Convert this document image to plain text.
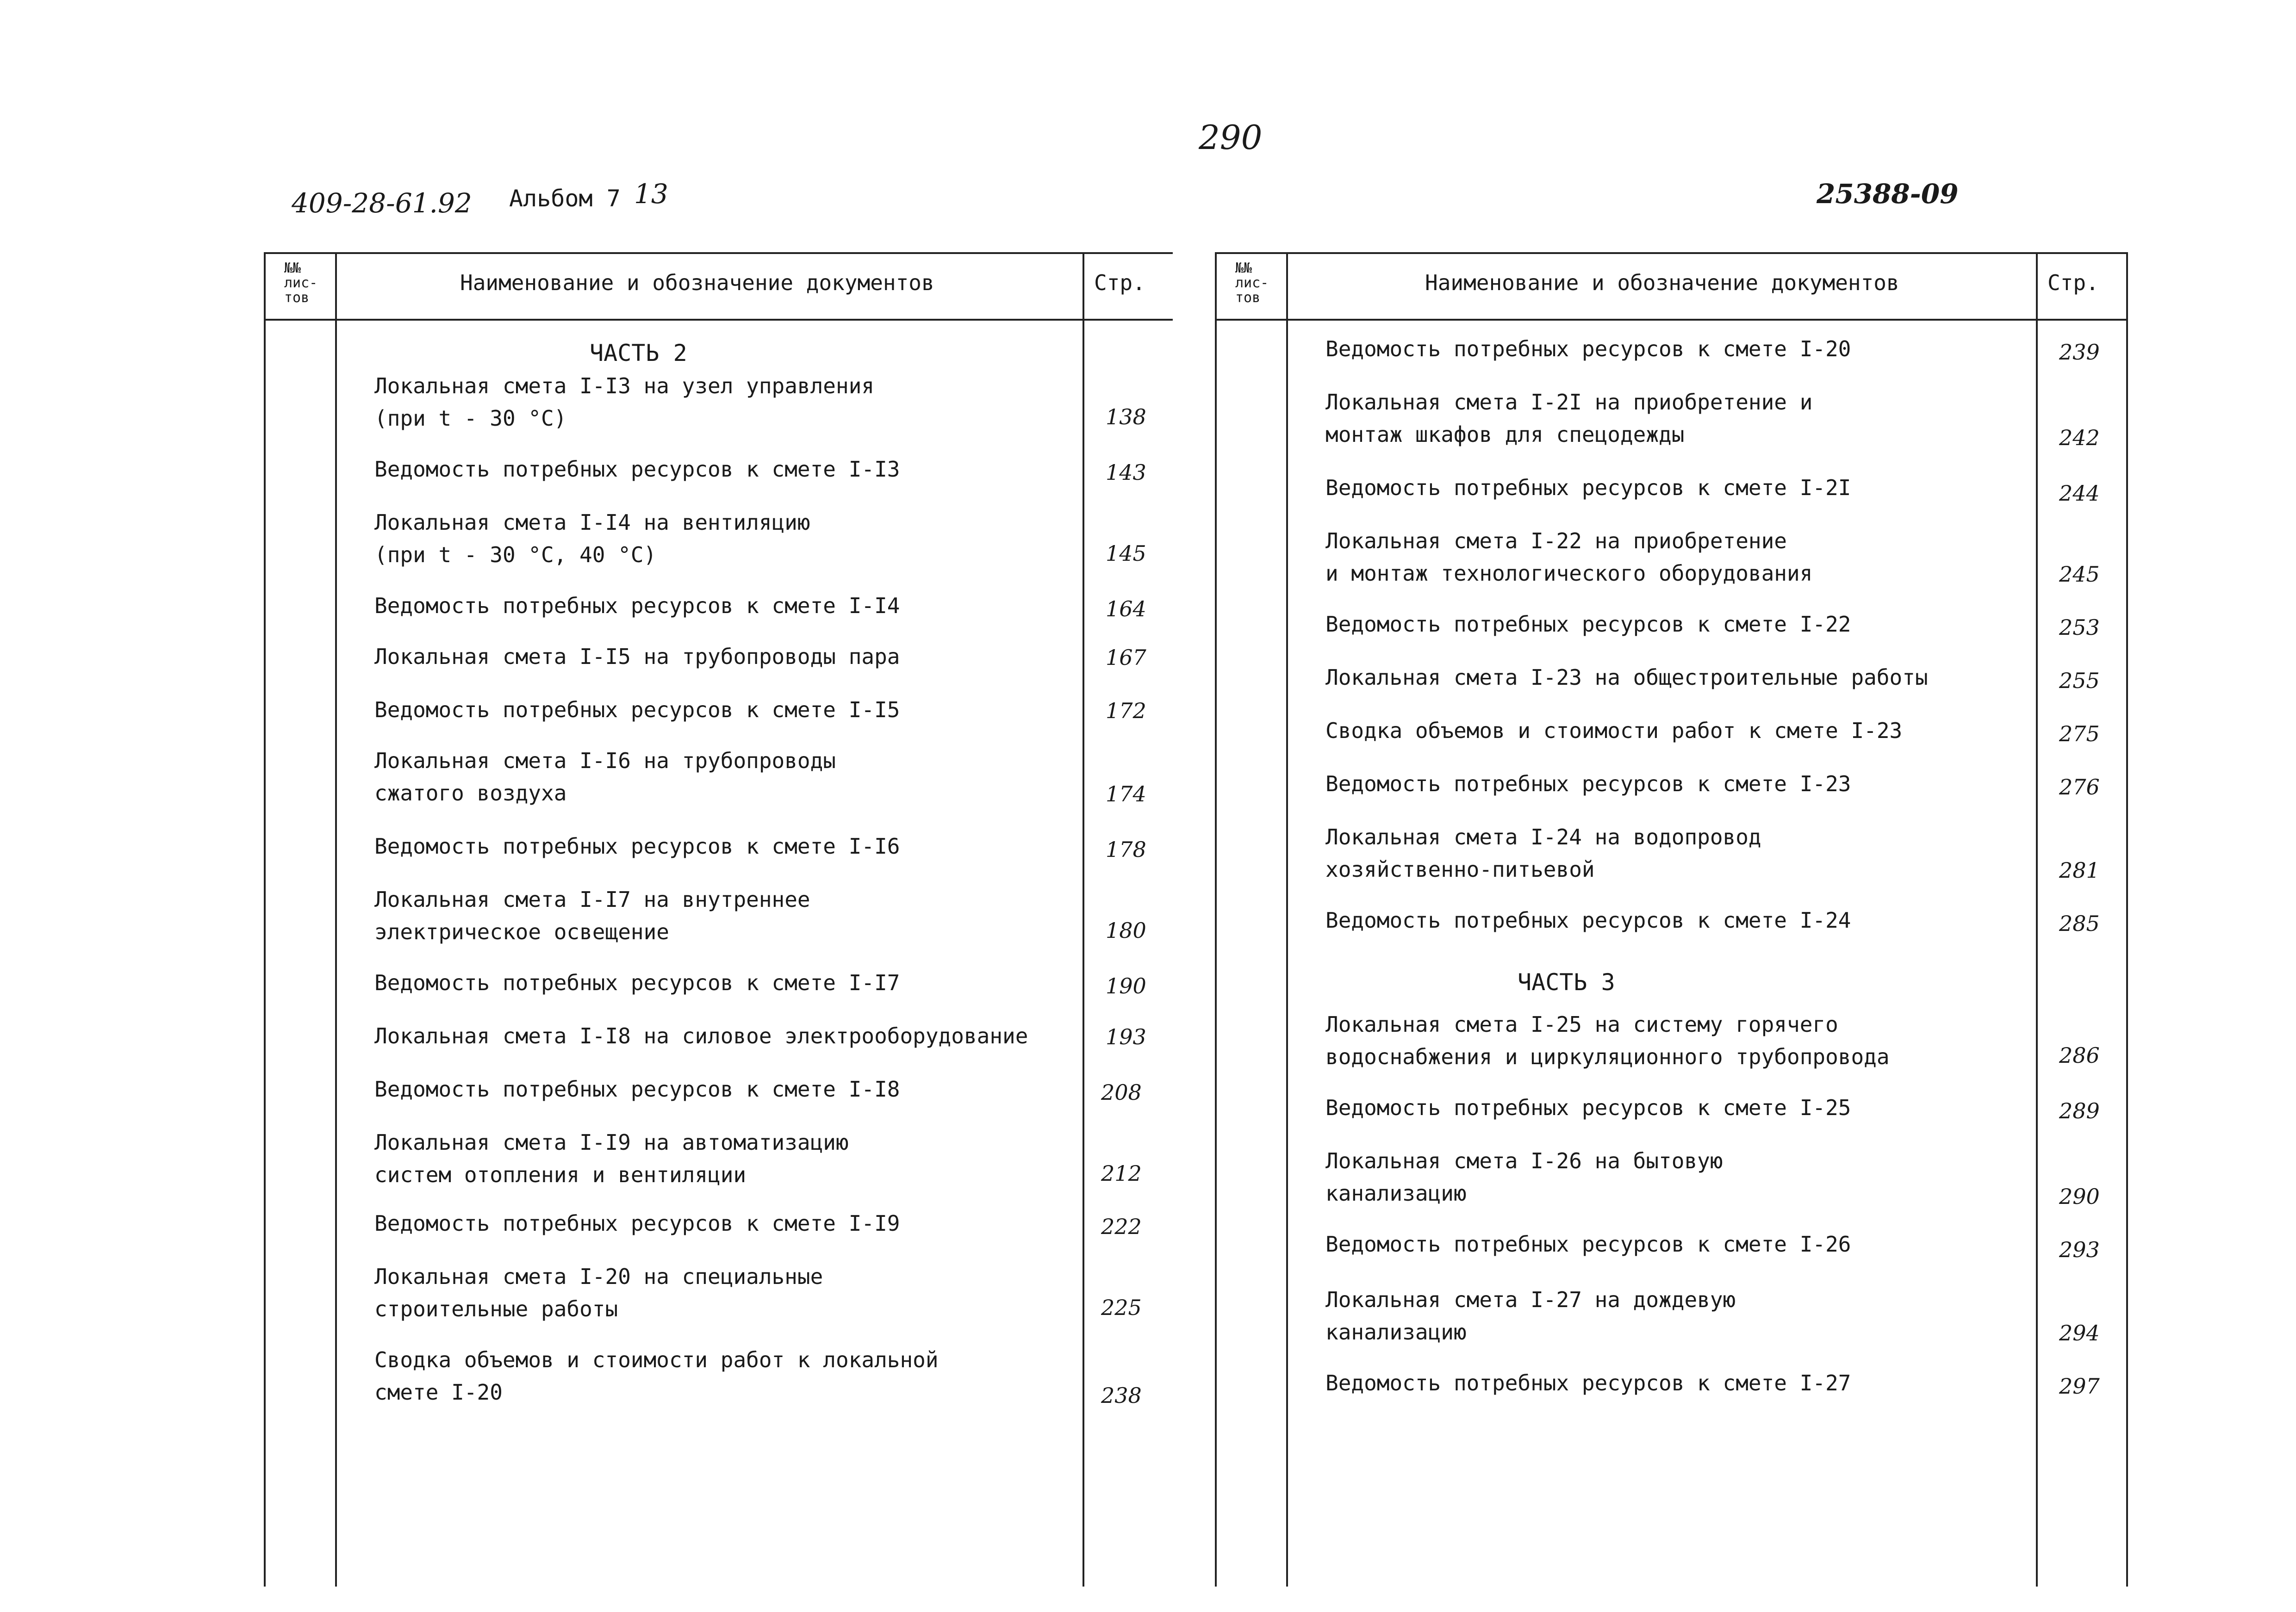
290
409-28-61.92 Альбом 7 13	25388-09
№№
лис-
тов
Наименование и обозначение документов	Стр.
ЧАСТЬ 2
Локальная смета I-I3 на узел управления
(при t - 30 °С)	138
Ведомость потребных ресурсов к смете I-I3	143
Локальная смета I-I4 на вентиляцию
(при t - 30 °С, 40 °С)	145
Ведомость потребных ресурсов к смете I-I4	164
Локальная смета I-I5 на трубопроводы пара	167
Ведомость потребных ресурсов к смете I-I5	172
Локальная смета I-I6 на трубопроводы
сжатого воздуха	174
Ведомость потребных ресурсов к смете I-I6	178
Локальная смета I-I7 на внутреннее
электрическое освещение	180
Ведомость потребных ресурсов к смете I-I7	190
Локальная смета I-I8 на силовое электрооборудование	193
Ведомость потребных ресурсов к смете I-I8	208
Локальная смета I-I9 на автоматизацию
систем отопления и вентиляции	212
Ведомость потребных ресурсов к смете I-I9	222
Локальная смета I-20 на специальные
строительные работы	225
Сводка объемов и стоимости работ к локальной
смете I-20	238
№№
лис-
тов
Наименование и обозначение документов	Стр.
Ведомость потребных ресурсов к смете I-20	239
Локальная смета I-2I на приобретение и
монтаж шкафов для спецодежды	242
Ведомость потребных ресурсов к смете I-2I	244
Локальная смета I-22 на приобретение
и монтаж технологического оборудования	245
Ведомость потребных ресурсов к смете I-22	253
Локальная смета I-23 на общестроительные работы	255
Сводка объемов и стоимости работ к смете I-23	275
Ведомость потребных ресурсов к смете I-23	276
Локальная смета I-24 на водопровод
хозяйственно-питьевой	281
Ведомость потребных ресурсов к смете I-24	285
ЧАСТЬ 3
Локальная смета I-25 на систему горячего
водоснабжения и циркуляционного трубопровода	286
Ведомость потребных ресурсов к смете I-25	289
Локальная смета I-26 на бытовую
канализацию	290
Ведомость потребных ресурсов к смете I-26	293
Локальная смета I-27 на дождевую
канализацию	294
Ведомость потребных ресурсов к смете I-27	297
